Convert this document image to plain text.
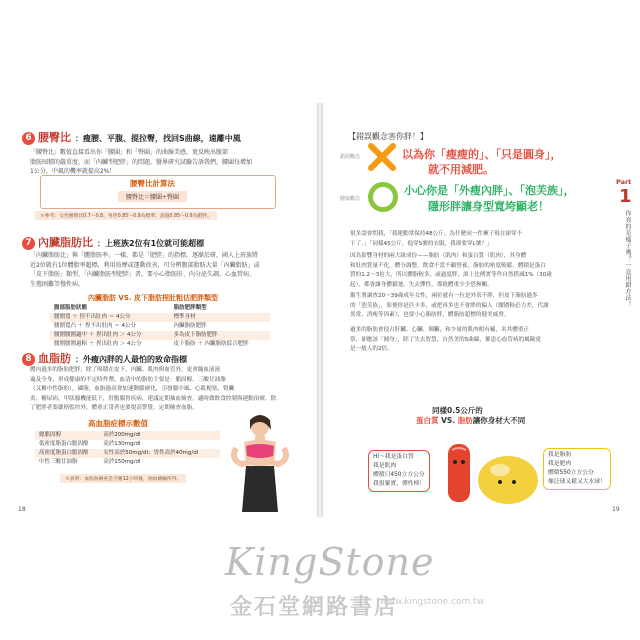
6 腰臀比 ：瘦腰、平腹、提拉臀，找回S曲線，遠離中風
「腰臀比」數值直接看出你「腰圍」和「臀圍」的曲線美感，更反映出腹部
脂肪囤積的嚴重度，而「內臟型肥胖」的問題，醫界研究試驗告訴我們，腰圍每增加
1公分，中風的機率就提高2%！
腰臀比計算法
腰臀比＝腰圍÷臀圍
＊參考：女性腰臀比0.7～0.8，男性0.85～0.9為標準，超過0.85～0.9為肥胖。
7 內臟脂肪比 ：上班族2位有1位就可能超標
「內臟脂肪比」與「體脂肪率」一樣，都是「肥胖」的指標，逐漸於研，國人上班族將
近2位就有1位體脂率超標，利用按摩或運動改善，可分辨腹部脂肪大量「內臟脂肪」或
「皮下脂肪」類型，「內臟脂肪型肥胖」者，要小心脂肪肝、內分泌失調、心血管病、
生殖困難等慢性病。
內臟脂肪 VS. 皮下脂肪捏肚粗估肥胖類型
腹部脂肪狀態	脂肪肥胖類型
腰圍寬 ＋ 捏不出肚肉 ＝ 4公分	標準身材
腰圍寬凸 ＋ 捏不出肚肉 ＝ 4公分	內臟脂肪肥胖
腰圍腰圍適中 ＋ 捏出肚肉 ＞ 4公分	多為皮下脂肪肥胖
腰圍腰圍過粗 ＋ 捏出肚肉 ＞ 4公分	皮下脂肪 ＋ 內臟脂肪綜合肥胖
8 血脂肪 ：外瘦內胖的人最怕的致命指標
體內過多的脂肪肥胖，除了囤積在皮下、內臟、肌肉與血管外，更會隨血液流
遍及全身，形成健康的不定時炸彈。血清中的脂肪主要是：膽固醇、三酸甘油脂
（又稱中性脂肪），磷脂，血脂過高會加速動脈硬化，引發腦中風、心肌梗塞、腎臟
炎、糖尿病，甲狀腺機能低下，肝膽腸胃疾病，建議定期抽血檢查，適時做飲食控制與運動治療，除
了肥胖者要嚴格監控外，體重正常者也要提高警覺，定期檢查血脂。
高血脂症標示數值
總膽固醇	高於200mg/dl
低密度脂蛋白膽固醇	高於130mg/dl
高密度脂蛋白膽固醇	女性高於50mg/dl；男性高於40mg/dl
中性三酸甘油脂	高於150mg/dl
＊說明：血脂肪檢查是空腹12小時後，抽血檢驗所得。
18
【錯誤觀念害你胖！】
錯誤觀念	以為你「瘦瘦的」、「只是圓身」，
就不用減肥。
健康觀念
小心你是「外瘦內胖」、「泡芙族」，
隱形胖讓身型寬垮顯老！
很多誤會問我，「我運動常保持48公斤，為什麼同一件褲子現在卻穿不
下了。」「同樣45公斤，他穿S號的衣服，我卻要穿L號？」
因為影響身材的兩大組成份——脂肪（肌肉）和蛋白質（肌肉），其身體
和肚肉質量不化，體分調整，飲食不當不顧營養，脂肪的密度較鬆，體積是蛋白
質的1.2～3倍大，所以體脂較多，或過度胖，誰上比例實等作自然搭減1%（30歲
起），都會讓身體鬆弛、失去彈性，導致體重少少恐無關。
衛生署調查20～39歲成年女性，兩位就有一位是外表不胖，但皮下脂肪過多
的「泡芙族」，影便你是匹卡多，或把再多也不會胖的偏人（腰圍較必力差，代謝
異常、消瘦等因素），也要小心脂肪胖，體脂肪超標的健美威脅。
過多的脂肪會侵占肝臟、心臟、胰臟，和少量的肌肉相有羈，名其體重正
常，卻應該「圓身」，除了失去智慧，自然美的S曲線，罹患心血管病的風險更
是一般人的2倍。
同樣0.5公斤的
蛋白質 VS. 脂肪讓你身材大不同
Hi～我是蛋白質
我是肌肉
體積只450立方公分
我很緊實，彈性棒！
我是脂肪
我是肥肉
體積550立方公分
像泛球又鬆又大水球！
19
Part
1
你真的是瘦子嗎？一直用錯方法！
KingStone
金石堂網路書店
www.kingstone.com.tw
